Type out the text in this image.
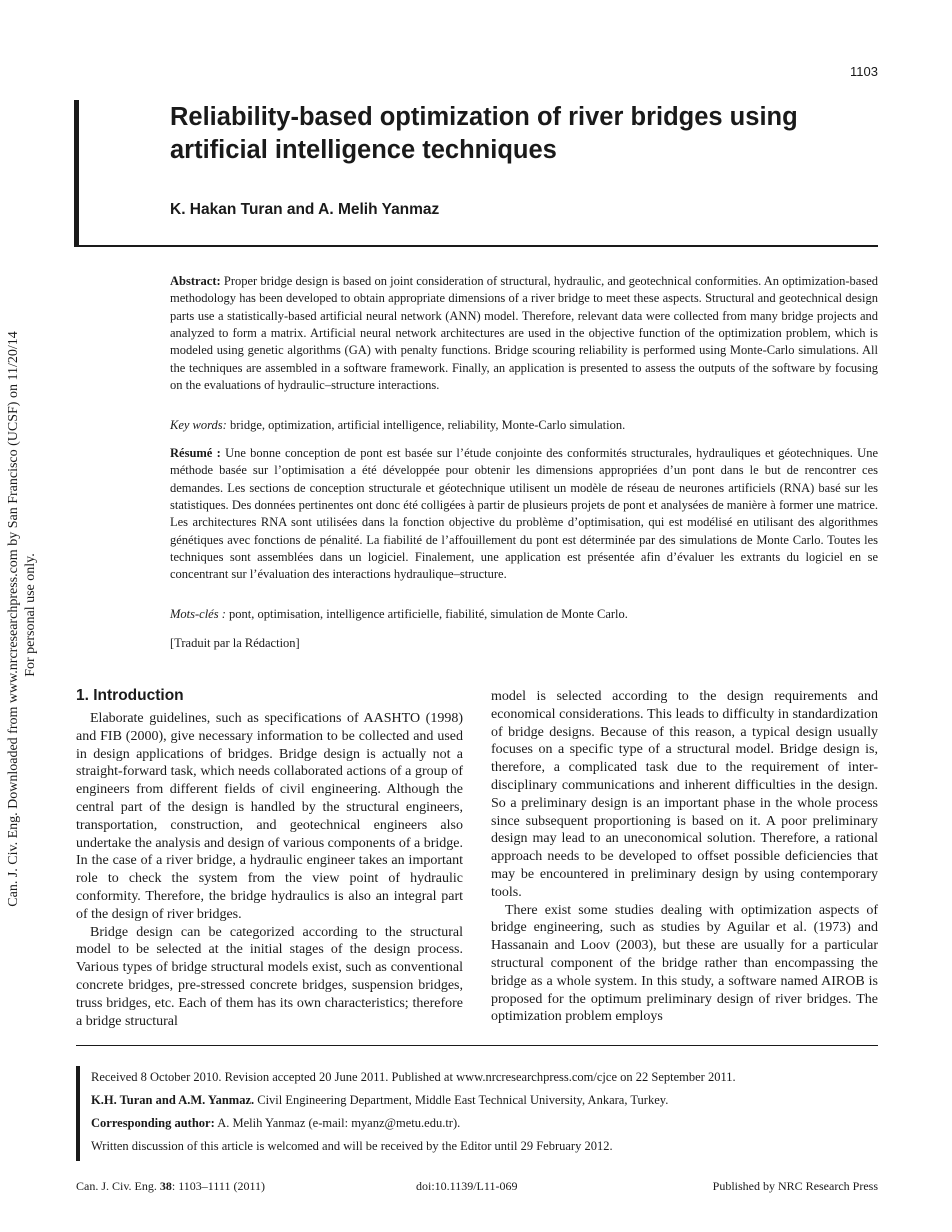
1103
Can. J. Civ. Eng. Downloaded from www.nrcresearchpress.com by San Francisco (UCSF) on 11/20/14 For personal use only.
Reliability-based optimization of river bridges using artificial intelligence techniques
K. Hakan Turan and A. Melih Yanmaz

Abstract: Proper bridge design is based on joint consideration of structural, hydraulic, and geotechnical conformities. An optimization-based methodology has been developed to obtain appropriate dimensions of a river bridge to meet these aspects. Structural and geotechnical design parts use a statistically-based artificial neural network (ANN) model. Therefore, relevant data were collected from many bridge projects and analyzed to form a matrix. Artificial neural network architectures are used in the objective function of the optimization problem, which is modeled using genetic algorithms (GA) with penalty functions. Bridge scouring reliability is performed using Monte-Carlo simulations. All the techniques are assembled in a software framework. Finally, an application is presented to assess the outputs of the software by focusing on the evaluations of hydraulic–structure interactions.

Key words: bridge, optimization, artificial intelligence, reliability, Monte-Carlo simulation.

Résumé : Une bonne conception de pont est basée sur l’étude conjointe des conformités structurales, hydrauliques et géotechniques. Une méthode basée sur l’optimisation a été développée pour obtenir les dimensions appropriées d’un pont dans le but de rencontrer ces demandes. Les sections de conception structurale et géotechnique utilisent un modèle de réseau de neurones artificiels (RNA) basé sur les statistiques. Des données pertinentes ont donc été colligées à partir de plusieurs projets de pont et analysées de manière à former une matrice. Les architectures RNA sont utilisées dans la fonction objective du problème d’optimisation, qui est modélisé en utilisant des algorithmes génétiques avec fonctions de pénalité. La fiabilité de l’affouillement du pont est déterminée par des simulations de Monte Carlo. Toutes les techniques sont assemblées dans un logiciel. Finalement, une application est présentée afin d’évaluer les extrants du logiciel en se concentrant sur l’évaluation des interactions hydraulique–structure.

Mots-clés : pont, optimisation, intelligence artificielle, fiabilité, simulation de Monte Carlo.

[Traduit par la Rédaction]

1. Introduction

Elaborate guidelines, such as specifications of AASHTO (1998) and FIB (2000), give necessary information to be collected and used in design applications of bridges. Bridge design is actually not a straight-forward task, which needs collaborated actions of a group of engineers from different fields of civil engineering. Although the central part of the design is handled by the structural engineers, transportation, construction, and geotechnical engineers also undertake the analysis and design of various components of a bridge. In the case of a river bridge, a hydraulic engineer takes an important role to check the system from the view point of hydraulic conformity. Therefore, the bridge hydraulics is also an integral part of the design of river bridges.

Bridge design can be categorized according to the structural model to be selected at the initial stages of the design process. Various types of bridge structural models exist, such as conventional concrete bridges, pre-stressed concrete bridges, suspension bridges, truss bridges, etc. Each of them has its own characteristics; therefore a bridge structural

model is selected according to the design requirements and economical considerations. This leads to difficulty in standardization of bridge designs. Because of this reason, a typical design usually focuses on a specific type of a structural model. Bridge design is, therefore, a complicated task due to the requirement of inter-disciplinary communications and inherent difficulties in the design. So a preliminary design is an important phase in the whole process since subsequent proportioning is based on it. A poor preliminary design may lead to an uneconomical solution. Therefore, a rational approach needs to be developed to offset possible deficiencies that may be encountered in preliminary design by using contemporary tools.

There exist some studies dealing with optimization aspects of bridge engineering, such as studies by Aguilar et al. (1973) and Hassanain and Loov (2003), but these are usually for a particular structural component of the bridge rather than encompassing the bridge as a whole system. In this study, a software named AIROB is proposed for the optimum preliminary design of river bridges. The optimization problem employs

Received 8 October 2010. Revision accepted 20 June 2011. Published at www.nrcresearchpress.com/cjce on 22 September 2011.

K.H. Turan and A.M. Yanmaz. Civil Engineering Department, Middle East Technical University, Ankara, Turkey.

Corresponding author: A. Melih Yanmaz (e-mail: myanz@metu.edu.tr).

Written discussion of this article is welcomed and will be received by the Editor until 29 February 2012.

Can. J. Civ. Eng. 38: 1103–1111 (2011)	doi:10.1139/L11-069	Published by NRC Research Press
